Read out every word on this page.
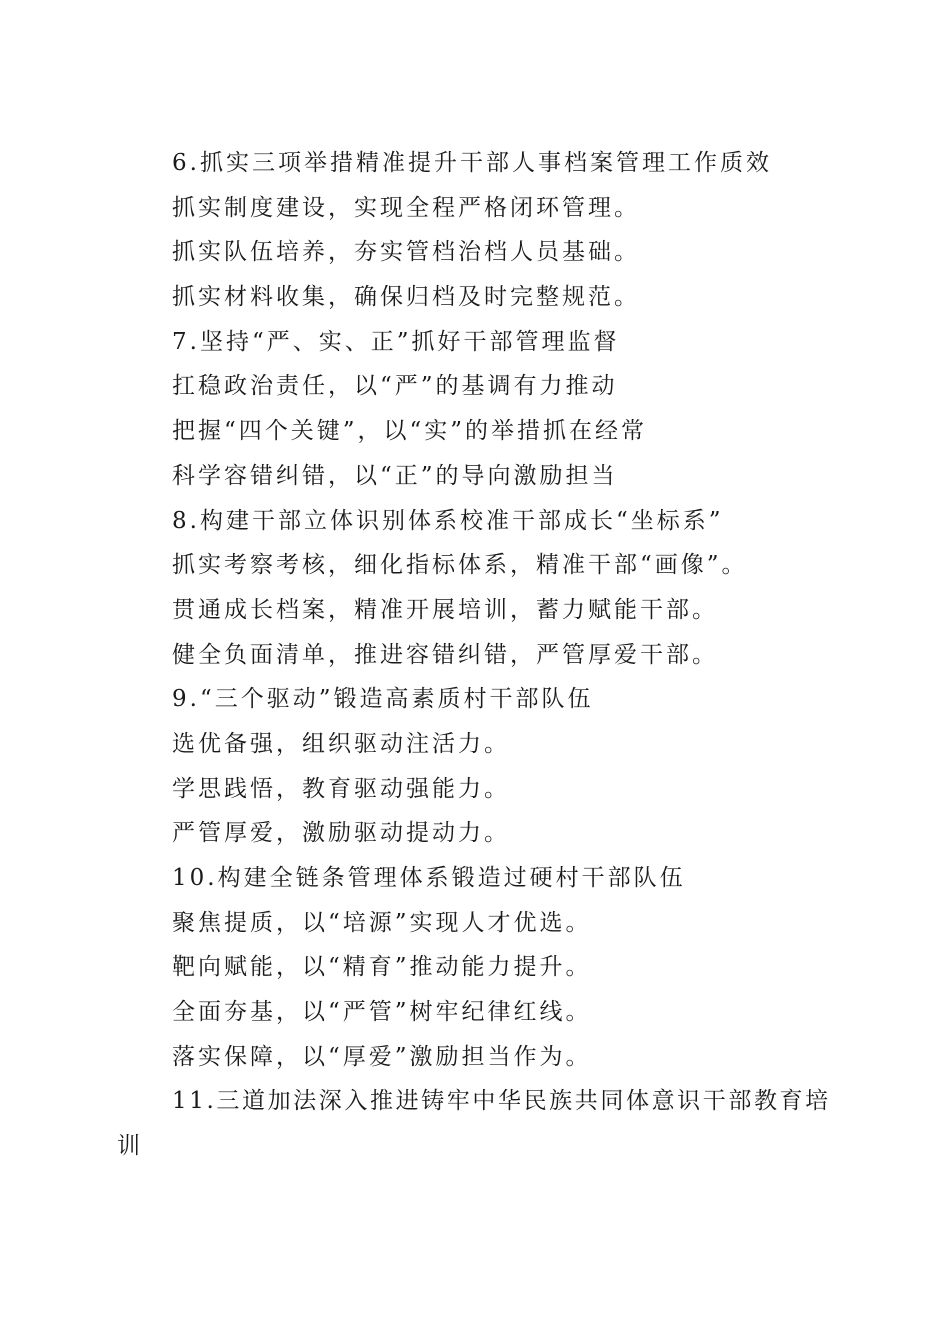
6.抓实三项举措精准提升干部人事档案管理工作质效
抓实制度建设，实现全程严格闭环管理。
抓实队伍培养，夯实管档治档人员基础。
抓实材料收集，确保归档及时完整规范。
7.坚持“严、实、正”抓好干部管理监督
扛稳政治责任，以“严”的基调有力推动
把握“四个关键”，以“实”的举措抓在经常
科学容错纠错，以“正”的导向激励担当
8.构建干部立体识别体系校准干部成长“坐标系”
抓实考察考核，细化指标体系，精准干部“画像”。
贯通成长档案，精准开展培训，蓄力赋能干部。
健全负面清单，推进容错纠错，严管厚爱干部。
9.“三个驱动”锻造高素质村干部队伍
选优备强，组织驱动注活力。
学思践悟，教育驱动强能力。
严管厚爱，激励驱动提动力。
10.构建全链条管理体系锻造过硬村干部队伍
聚焦提质，以“培源”实现人才优选。
靶向赋能，以“精育”推动能力提升。
全面夯基，以“严管”树牢纪律红线。
落实保障，以“厚爱”激励担当作为。
11.三道加法深入推进铸牢中华民族共同体意识干部教育培
训
